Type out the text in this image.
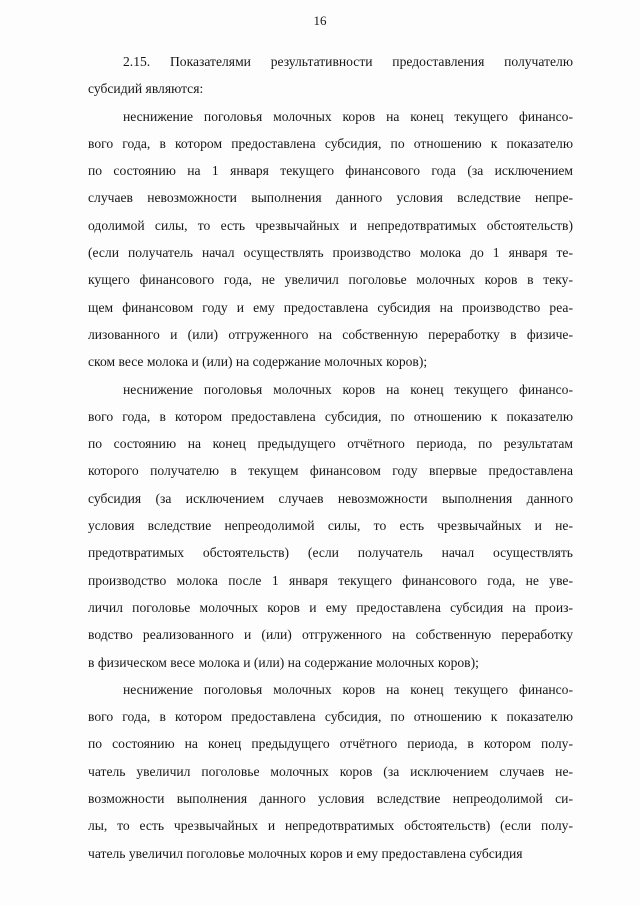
16
2.15. Показателями результативности предоставления получателю
субсидий являются:
неснижение поголовья молочных коров на конец текущего финансо-
вого года, в котором предоставлена субсидия, по отношению к показателю
по состоянию на 1 января текущего финансового года (за исключением
случаев невозможности выполнения данного условия вследствие непре-
одолимой силы, то есть чрезвычайных и непредотвратимых обстоятельств)
(если получатель начал осуществлять производство молока до 1 января те-
кущего финансового года, не увеличил поголовье молочных коров в теку-
щем финансовом году и ему предоставлена субсидия на производство реа-
лизованного и (или) отгруженного на собственную переработку в физиче-
ском весе молока и (или) на содержание молочных коров);
неснижение поголовья молочных коров на конец текущего финансо-
вого года, в котором предоставлена субсидия, по отношению к показателю
по состоянию на конец предыдущего отчётного периода, по результатам
которого получателю в текущем финансовом году впервые предоставлена
субсидия (за исключением случаев невозможности выполнения данного
условия вследствие непреодолимой силы, то есть чрезвычайных и не-
предотвратимых обстоятельств) (если получатель начал осуществлять
производство молока после 1 января текущего финансового года, не уве-
личил поголовье молочных коров и ему предоставлена субсидия на произ-
водство реализованного и (или) отгруженного на собственную переработку
в физическом весе молока и (или) на содержание молочных коров);
неснижение поголовья молочных коров на конец текущего финансо-
вого года, в котором предоставлена субсидия, по отношению к показателю
по состоянию на конец предыдущего отчётного периода, в котором полу-
чатель увеличил поголовье молочных коров (за исключением случаев не-
возможности выполнения данного условия вследствие непреодолимой си-
лы, то есть чрезвычайных и непредотвратимых обстоятельств) (если полу-
чатель увеличил поголовье молочных коров и ему предоставлена субсидия
